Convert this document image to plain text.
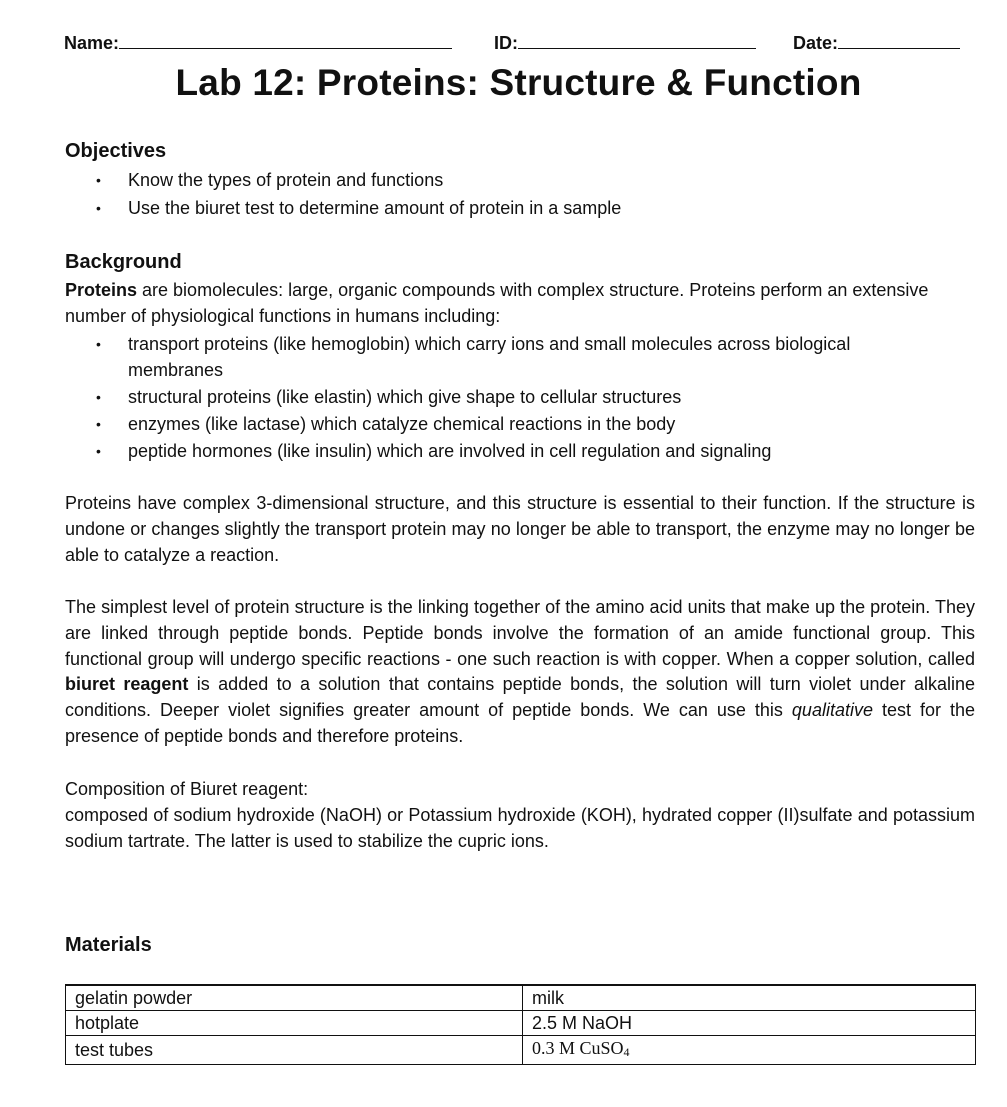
Name:	ID:	Date:
Lab 12: Proteins: Structure & Function
Objectives
• Know the types of protein and functions
• Use the biuret test to determine amount of protein in a sample
Background
Proteins are biomolecules: large, organic compounds with complex structure. Proteins perform an extensive number of physiological functions in humans including:
• transport proteins (like hemoglobin) which carry ions and small molecules across biological membranes
• structural proteins (like elastin) which give shape to cellular structures
• enzymes (like lactase) which catalyze chemical reactions in the body
• peptide hormones (like insulin) which are involved in cell regulation and signaling
Proteins have complex 3-dimensional structure, and this structure is essential to their function. If the structure is undone or changes slightly the transport protein may no longer be able to transport, the enzyme may no longer be able to catalyze a reaction.
The simplest level of protein structure is the linking together of the amino acid units that make up the protein. They are linked through peptide bonds. Peptide bonds involve the formation of an amide functional group. This functional group will undergo specific reactions - one such reaction is with copper. When a copper solution, called biuret reagent is added to a solution that contains peptide bonds, the solution will turn violet under alkaline conditions. Deeper violet signifies greater amount of peptide bonds. We can use this qualitative test for the presence of peptide bonds and therefore proteins.
Composition of Biuret reagent:
composed of sodium hydroxide (NaOH) or Potassium hydroxide (KOH), hydrated copper (II)sulfate and potassium sodium tartrate. The latter is used to stabilize the cupric ions.
Materials
gelatin powder	milk
hotplate	2.5 M NaOH
test tubes	0.3 M CuSO$_4$
